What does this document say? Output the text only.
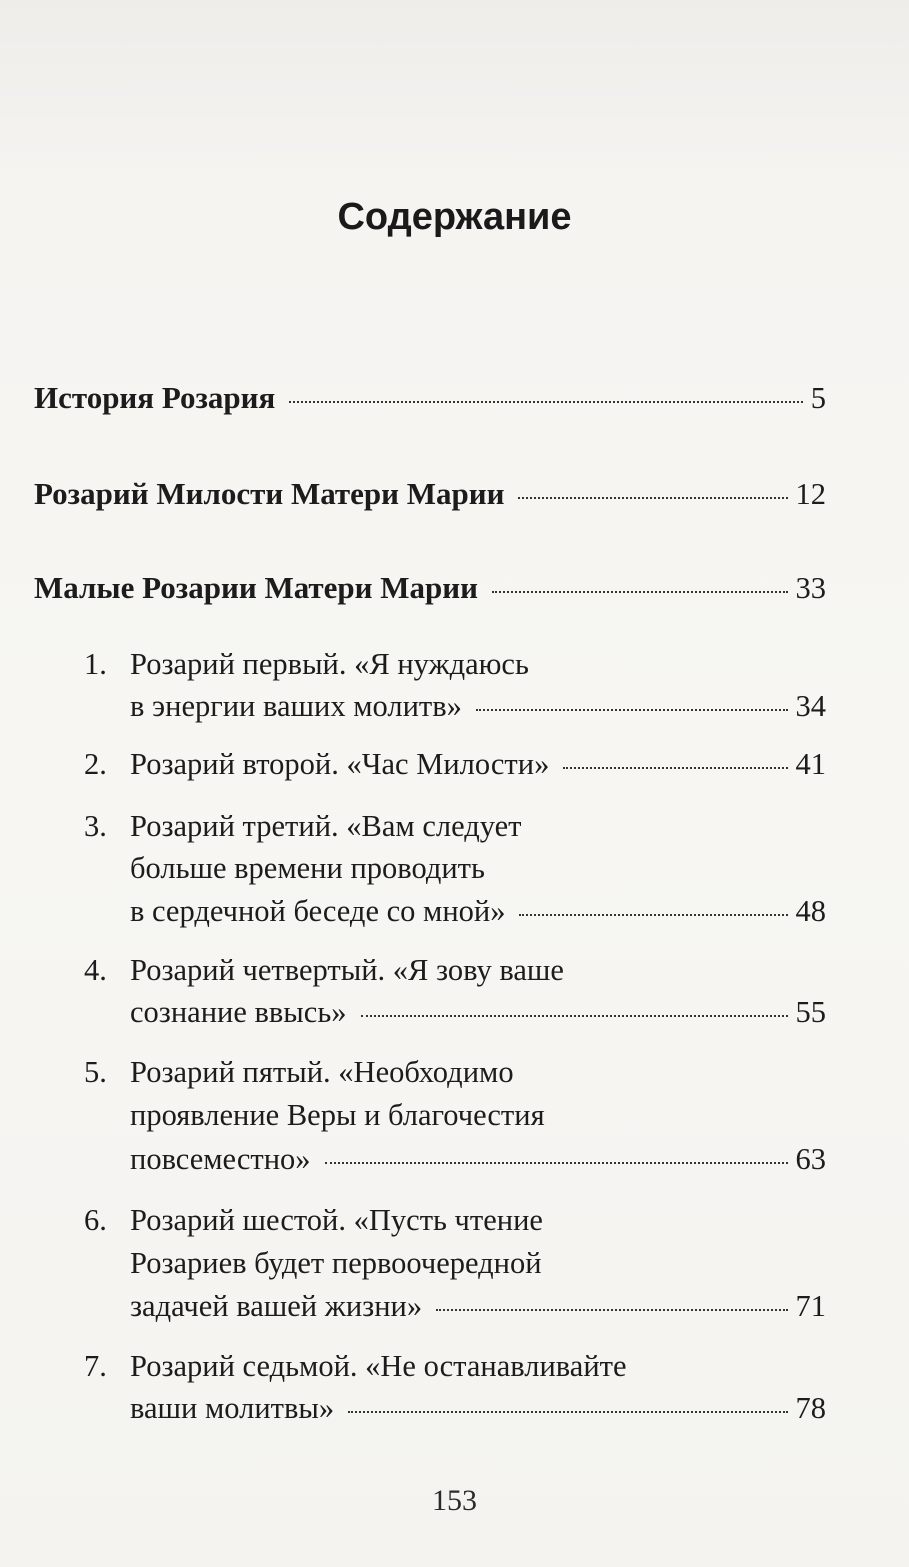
Содержание
История Розария	5
Розарий Милости Матери Марии	12
Малые Розарии Матери Марии	33
1. Розарий первый. «Я нуждаюсь
в энергии ваших молитв»	34
2. Розарий второй. «Час Милости»	41
3. Розарий третий. «Вам следует
больше времени проводить
в сердечной беседе со мной»	48
4. Розарий четвертый. «Я зову ваше
сознание ввысь»	55
5. Розарий пятый. «Необходимо
проявление Веры и благочестия
повсеместно»	63
6. Розарий шестой. «Пусть чтение
Розариев будет первоочередной
задачей вашей жизни»	71
7. Розарий седьмой. «Не останавливайте
ваши молитвы»	78
153
